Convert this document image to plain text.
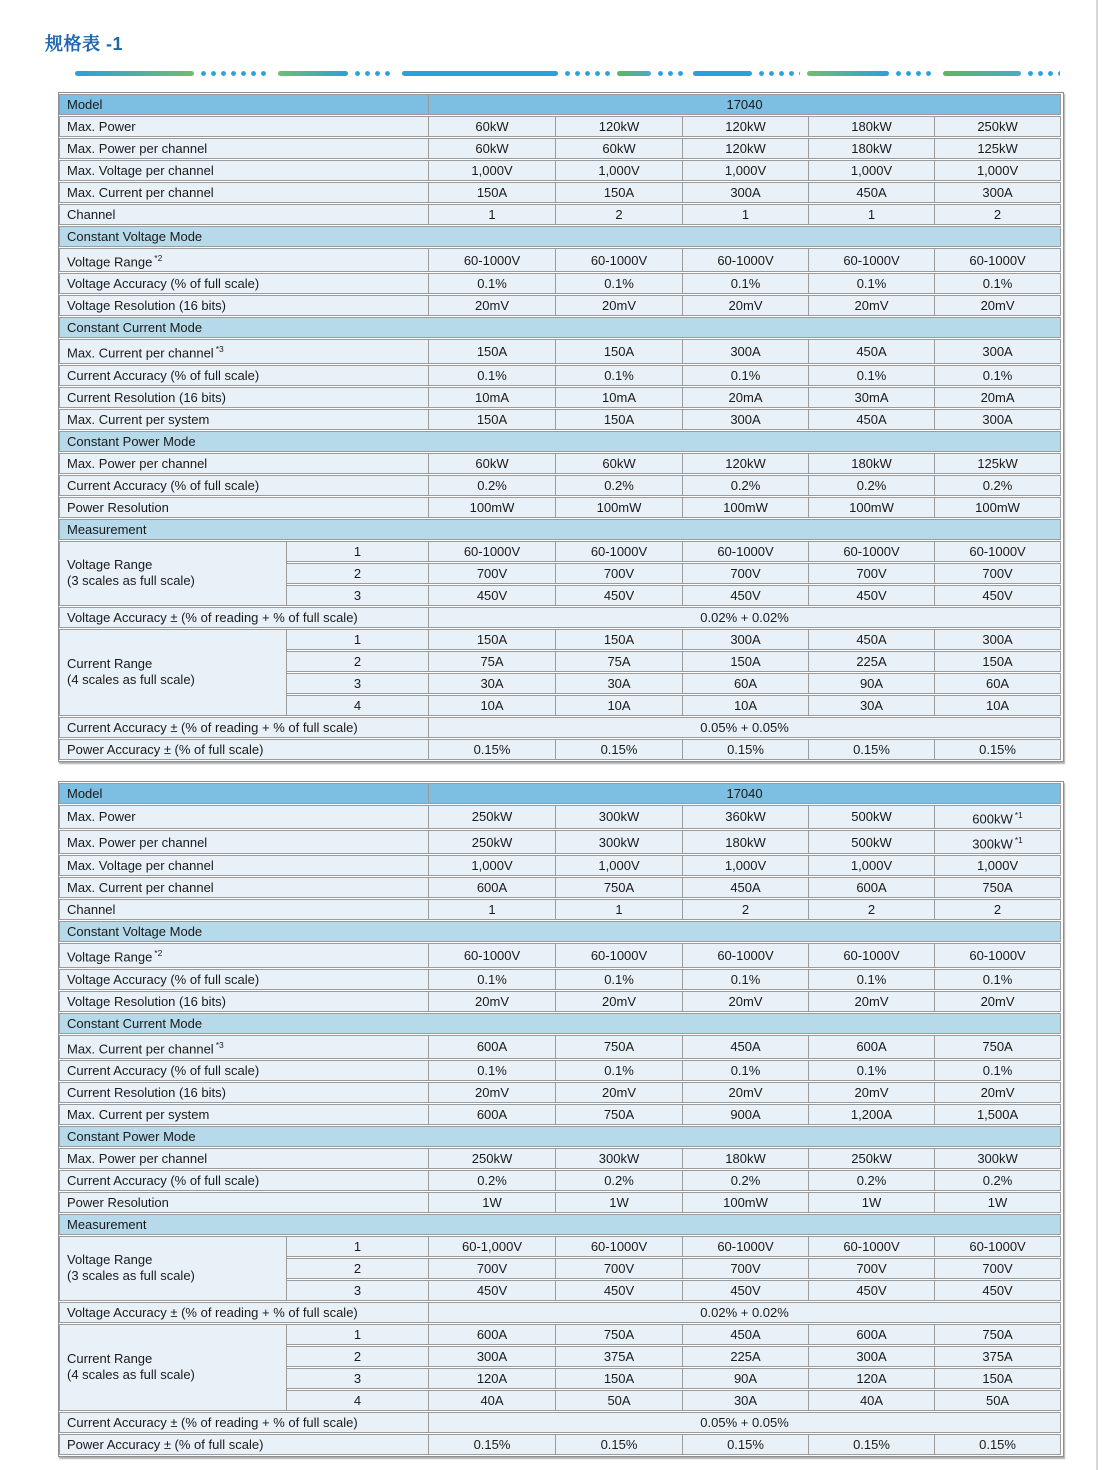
规格表 -1
Model		17040				
Max. Power		60kW	120kW	120kW	180kW	250kW
Max. Power per channel		60kW	60kW	120kW	180kW	125kW
Max. Voltage per channel		1,000V	1,000V	1,000V	1,000V	1,000V
Max. Current per channel		150A	150A	300A	450A	300A
Channel		1	2	1	1	2
Constant Voltage Mode						
Voltage Range $^{*2}$		60-1000V	60-1000V	60-1000V	60-1000V	60-1000V
Voltage Accuracy (% of full scale)		0.1%	0.1%	0.1%	0.1%	0.1%
Voltage Resolution (16 bits)		20mV	20mV	20mV	20mV	20mV
Constant Current Mode						
Max. Current per channel $^{*3}$		150A	150A	300A	450A	300A
Current Accuracy (% of full scale)		0.1%	0.1%	0.1%	0.1%	0.1%
Current Resolution (16 bits)		10mA	10mA	20mA	30mA	20mA
Max. Current per system		150A	150A	300A	450A	300A
Constant Power Mode						
Max. Power per channel		60kW	60kW	120kW	180kW	125kW
Current Accuracy (% of full scale)		0.2%	0.2%	0.2%	0.2%	0.2%
Power Resolution		100mW	100mW	100mW	100mW	100mW
Measurement						

Voltage Range
(3 scales as full scale)	1	60-1000V	60-1000V	60-1000V	60-1000V	60-1000V
	2	700V	700V	700V	700V	700V
	3	450V	450V	450V	450V	450V
Voltage Accuracy ± (% of reading + % of full scale)		0.02% + 0.02%				

Current Range
(4 scales as full scale)	1	150A	150A	300A	450A	300A
	2	75A	75A	150A	225A	150A
	3	30A	30A	60A	90A	60A
	4	10A	10A	10A	30A	10A
Current Accuracy ± (% of reading + % of full scale)		0.05% + 0.05%				
Power Accuracy ± (% of full scale)		0.15%	0.15%	0.15%	0.15%	0.15%
Model		17040				
Max. Power		250kW	300kW	360kW	500kW	600kW $^{*1}$
Max. Power per channel		250kW	300kW	180kW	500kW	300kW $^{*1}$
Max. Voltage per channel		1,000V	1,000V	1,000V	1,000V	1,000V
Max. Current per channel		600A	750A	450A	600A	750A
Channel		1	1	2	2	2
Constant Voltage Mode						
Voltage Range $^{*2}$		60-1000V	60-1000V	60-1000V	60-1000V	60-1000V
Voltage Accuracy (% of full scale)		0.1%	0.1%	0.1%	0.1%	0.1%
Voltage Resolution (16 bits)		20mV	20mV	20mV	20mV	20mV
Constant Current Mode						
Max. Current per channel $^{*3}$		600A	750A	450A	600A	750A
Current Accuracy (% of full scale)		0.1%	0.1%	0.1%	0.1%	0.1%
Current Resolution (16 bits)		20mV	20mV	20mV	20mV	20mV
Max. Current per system		600A	750A	900A	1,200A	1,500A
Constant Power Mode						
Max. Power per channel		250kW	300kW	180kW	250kW	300kW
Current Accuracy (% of full scale)		0.2%	0.2%	0.2%	0.2%	0.2%
Power Resolution		1W	1W	100mW	1W	1W
Measurement						

Voltage Range
(3 scales as full scale)	1	60-1,000V	60-1000V	60-1000V	60-1000V	60-1000V
	2	700V	700V	700V	700V	700V
	3	450V	450V	450V	450V	450V
Voltage Accuracy ± (% of reading + % of full scale)		0.02% + 0.02%				

Current Range
(4 scales as full scale)	1	600A	750A	450A	600A	750A
	2	300A	375A	225A	300A	375A
	3	120A	150A	90A	120A	150A
	4	40A	50A	30A	40A	50A
Current Accuracy ± (% of reading + % of full scale)		0.05% + 0.05%				
Power Accuracy ± (% of full scale)		0.15%	0.15%	0.15%	0.15%	0.15%
